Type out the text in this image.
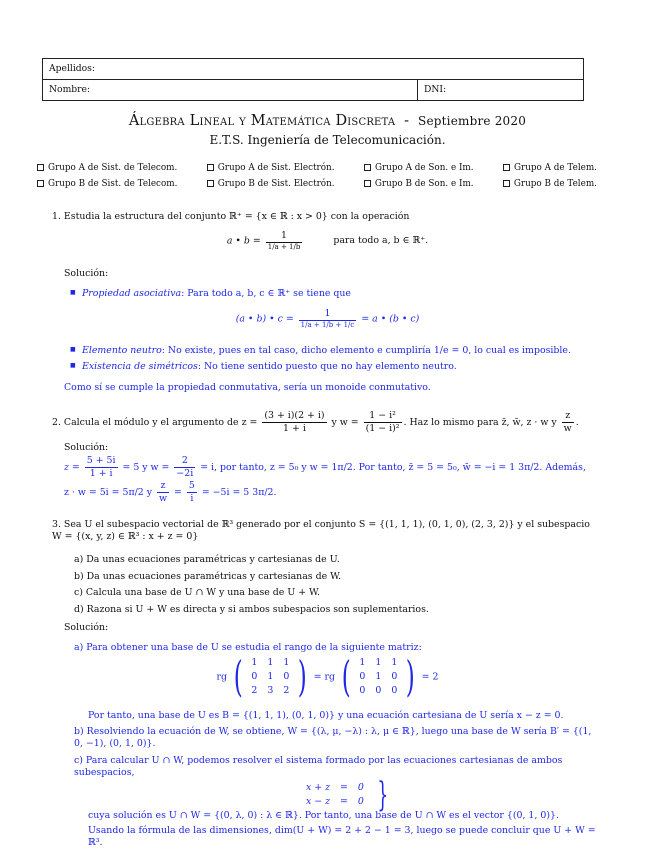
Apellidos:
Nombre:	DNI:
Álgebra Lineal y Matemática Discreta - Septiembre 2020
E.T.S. Ingeniería de Telecomunicación.
Grupo A de Sist. de Telecom.	Grupo A de Sist. Electrón.	Grupo A de Son. e Im.	Grupo A de Telem.
Grupo B de Sist. de Telecom.	Grupo B de Sist. Electrón.	Grupo B de Son. e Im.	Grupo B de Telem.
1. Estudia la estructura del conjunto ℝ⁺ = {x ∈ ℝ : x > 0} con la operación
a • $b = \frac{1}{1/a + 1/b}$	para todo a, b ∈ ℝ⁺.
Solución:
■ Propiedad asociativa: Para todo a, b, c ∈ ℝ⁺ se tiene que
(a • b) • $c = \frac{1}{1/a + 1/b + 1/c} = a$ • (b • c)
■ Elemento neutro: No existe, pues en tal caso, dicho elemento e cumpliría 1/e = 0, lo cual es imposible.
■ Existencia de simétricos: No tiene sentido puesto que no hay elemento neutro.
Como sí se cumple la propiedad conmutativa, sería un monoide conmutativo.
2. Calcula el módulo y el argumento de $z = \frac{(3 + i)(2 + i)}{1 + i}$ y $w = \frac{\text{1 − i²}}{\text{(1 − i)²}}$ . Haz lo mismo para z̄, w̄, z · w y $\frac{z}{w}$ .
Solución:
$z = \frac{5 + 5i}{1 + i} = 5$ y $w = \frac{2}{-2i} = i$, por tanto, z = 5₀ y w = 1π/2. Por tanto, z̄ = 5 = 5₀, w̄ = −i = 1 3π/2. Además,
z · w = 5i = 5π/2 y $\frac{z}{w} = \frac{5}{i} = -5i = 5$ 3π/2.
3. Sea U el subespacio vectorial de ℝ³ generado por el conjunto S = {(1, 1, 1), (0, 1, 0), (2, 3, 2)} y el subespacio W = {(x, y, z) ∈ ℝ³ : x + z = 0}
a) Da unas ecuaciones paramétricas y cartesianas de U.
b) Da unas ecuaciones paramétricas y cartesianas de W.
c) Calcula una base de U ∩ W y una base de U + W.
d) Razona si U + W es directa y si ambos subespacios son suplementarios.
Solución:
a) Para obtener una base de U se estudia el rango de la siguiente matriz:
rg ( 1	1	1
0	1	0
2	3	2 ) = rg ( 1	1	1
0	1	0
0	0	0 ) = 2
Por tanto, una base de U es B = {(1, 1, 1), (0, 1, 0)} y una ecuación cartesiana de U sería x − z = 0.
b) Resolviendo la ecuación de W, se obtiene, W = {(λ, μ, −λ) : λ, μ ∈ ℝ}, luego una base de W sería B′ = {(1, 0, −1), (0, 1, 0)}.
c) Para calcular U ∩ W, podemos resolver el sistema formado por las ecuaciones cartesianas de ambos subespacios,
x + z	=	0
x − z	=	0 }
cuya solución es U ∩ W = {(0, λ, 0) : λ ∈ ℝ}. Por tanto, una base de U ∩ W es el vector {(0, 1, 0)}.
Usando la fórmula de las dimensiones, dim(U + W) = 2 + 2 − 1 = 3, luego se puede concluir que U + W = ℝ³.
